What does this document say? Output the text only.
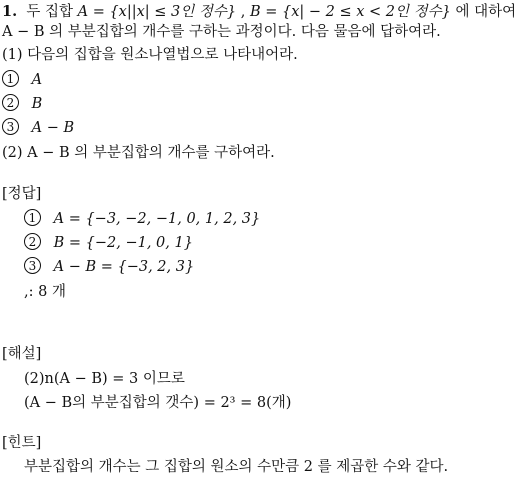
1. 두 집합 A = {x||x| ≤ 3인 정수} , B = {x| − 2 ≤ x < 2인 정수} 에 대하여
A − B 의 부분집합의 개수를 구하는 과정이다. 다음 물음에 답하여라.
(1) 다음의 집합을 원소나열법으로 나타내어라.
1 A
2 B
3 A − B
(2) A − B 의 부분집합의 개수를 구하여라.
[정답]
1 A = {−3, −2, −1, 0, 1, 2, 3}
2 B = {−2, −1, 0, 1}
3 A − B = {−3, 2, 3}
,: 8 개
[해설]
(2)n(A − B) = 3 이므로
(A − B의 부분집합의 갯수) = 2³ = 8(개)
[힌트]
부분집합의 개수는 그 집합의 원소의 수만큼 2 를 제곱한 수와 같다.
